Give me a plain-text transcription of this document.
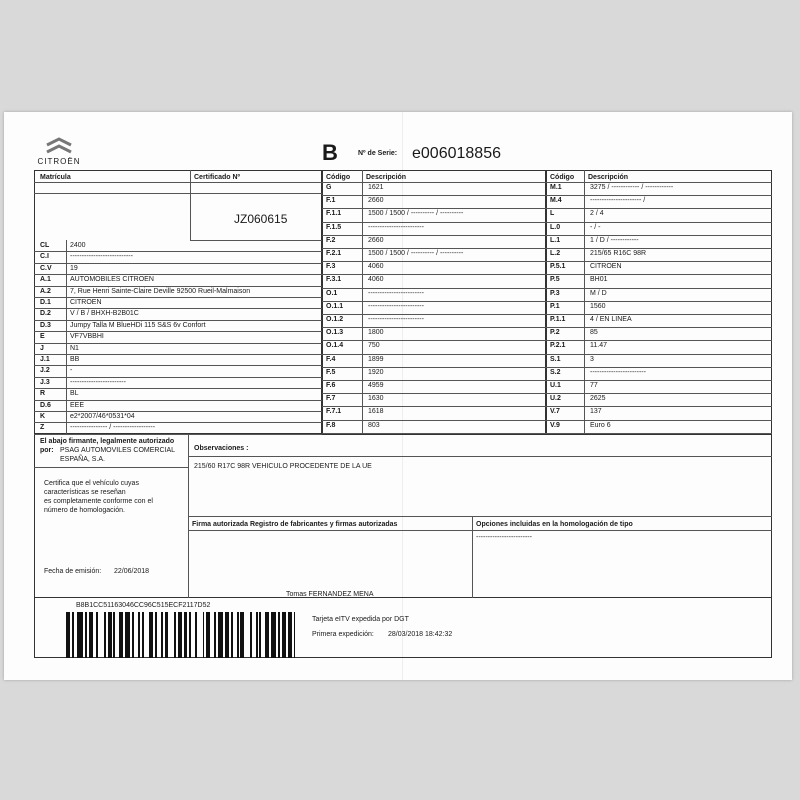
CITROËN	B	Nº de Serie: e006018856
Matrícula	Certificado Nº
JZ060615
Código Descripción	Código Descripción
El abajo firmante, legalmente autorizado
por: PSAG AUTOMOVILES COMERCIAL
ESPAÑA, S.A.
Certifica que el vehículo cuyas
características se reseñan
es completamente conforme con el
número de homologación.
Fecha de emisión: 22/06/2018
Observaciones :
215/60 R17C 98R VEHICULO PROCEDENTE DE LA UE
Firma autorizada Registro de fabricantes y firmas autorizadas	Opciones incluidas en la homologación de tipo
------------------------
Tomas FERNANDEZ MENA
B8B1CC51163046CC96C515ECF2117D52
Tarjeta eITV expedida por DGT
Primera expedición: 28/03/2018 18:42:32
CL	2400
C.I	---------------------------
C.V	19
A.1	AUTOMOBILES CITROEN
A.2	7, Rue Henri Sainte-Claire Deville 92500 Rueil-Malmaison
D.1	CITROEN
D.2	V / B / BHXH-B2B01C
D.3	Jumpy Talla M BlueHDi 115 S&S 6v Confort
E	VF7VBBHI
J	N1
J.1	BB
J.2	-
J.3	------------------------
R	BL
D.6	EEE
K	e2*2007/46*0531*04
Z	---------------- / ------------------
G	1621
F.1	2660
F.1.1	1500 / 1500 / ---------- / ----------
F.1.5	------------------------
F.2	2660
F.2.1	1500 / 1500 / ---------- / ----------
F.3	4060
F.3.1	4060
O.1	------------------------
O.1.1	------------------------
O.1.2	------------------------
O.1.3	1800
O.1.4	750
F.4	1899
F.5	1920
F.6	4959
F.7	1630
F.7.1	1618
F.8	803
M.1	3275 / ------------ / ------------
M.4	---------------------- /
L	2 / 4
L.0	- / -
L.1	1 / D / ------------
L.2	215/65 R16C 98R
P.5.1	CITROEN
P.5	BH01
P.3	M / D
P.1	1560
P.1.1	4 / EN LINEA
P.2	85
P.2.1	11.47
S.1	3
S.2	------------------------
U.1	77
U.2	2625
V.7	137
V.9	Euro 6
